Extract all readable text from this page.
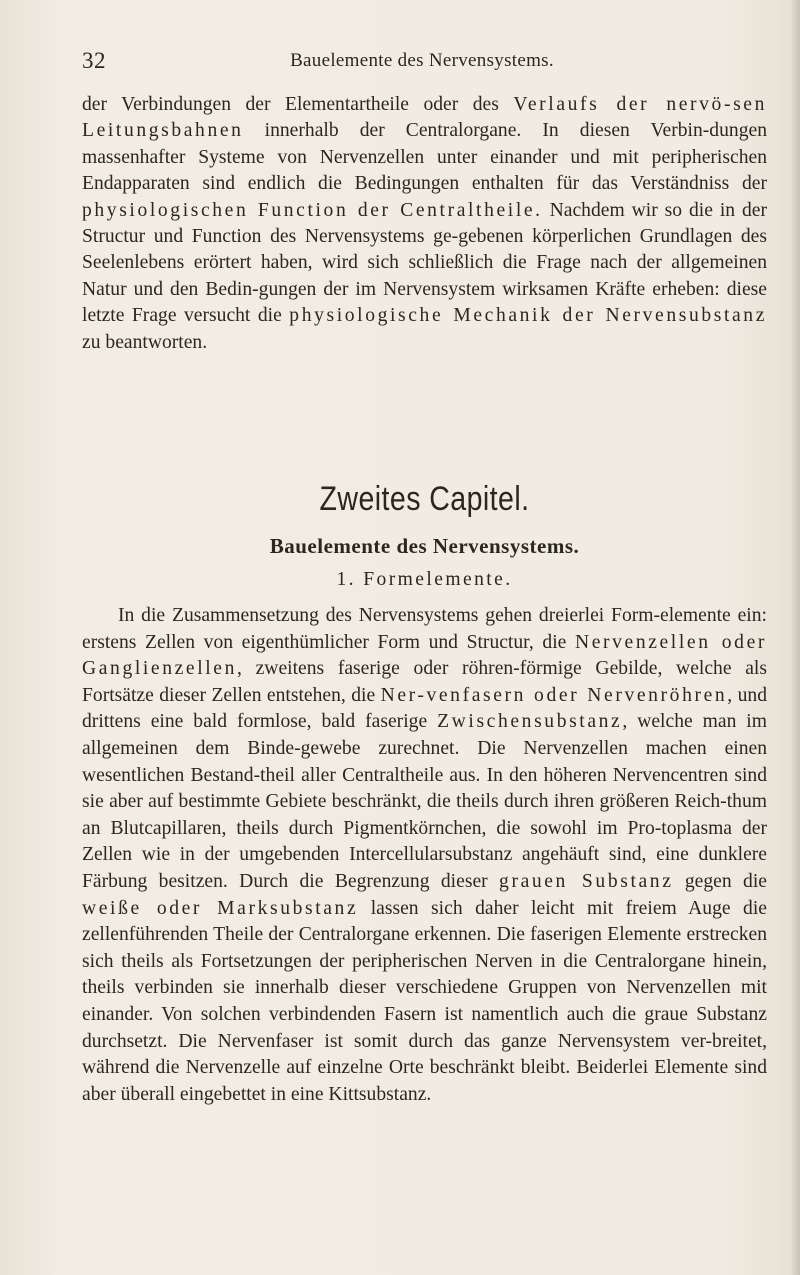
32	Bauelemente des Nervensystems.

der Verbindungen der Elementartheile oder des Verlaufs der nervö-sen Leitungsbahnen innerhalb der Centralorgane. In diesen Verbin-dungen massenhafter Systeme von Nervenzellen unter einander und mit peripherischen Endapparaten sind endlich die Bedingungen enthalten für das Verständniss der physiologischen Function der Centraltheile. Nachdem wir so die in der Structur und Function des Nervensystems ge-gebenen körperlichen Grundlagen des Seelenlebens erörtert haben, wird sich schließlich die Frage nach der allgemeinen Natur und den Bedin-gungen der im Nervensystem wirksamen Kräfte erheben: diese letzte Frage versucht die physiologische Mechanik der Nervensubstanz zu beantworten.

Zweites Capitel.
Bauelemente des Nervensystems.
1. Formelemente.

In die Zusammensetzung des Nervensystems gehen dreierlei Form-elemente ein: erstens Zellen von eigenthümlicher Form und Structur, die Nervenzellen oder Ganglienzellen, zweitens faserige oder röhren-förmige Gebilde, welche als Fortsätze dieser Zellen entstehen, die Ner-venfasern oder Nervenröhren, und drittens eine bald formlose, bald faserige Zwischensubstanz, welche man im allgemeinen dem Binde-gewebe zurechnet. Die Nervenzellen machen einen wesentlichen Bestand-theil aller Centraltheile aus. In den höheren Nervencentren sind sie aber auf bestimmte Gebiete beschränkt, die theils durch ihren größeren Reich-thum an Blutcapillaren, theils durch Pigmentkörnchen, die sowohl im Pro-toplasma der Zellen wie in der umgebenden Intercellularsubstanz angehäuft sind, eine dunklere Färbung besitzen. Durch die Begrenzung dieser grauen Substanz gegen die weiße oder Marksubstanz lassen sich daher leicht mit freiem Auge die zellenführenden Theile der Centralorgane erkennen. Die faserigen Elemente erstrecken sich theils als Fortsetzungen der peripherischen Nerven in die Centralorgane hinein, theils verbinden sie innerhalb dieser verschiedene Gruppen von Nervenzellen mit einander. Von solchen verbindenden Fasern ist namentlich auch die graue Substanz durchsetzt. Die Nervenfaser ist somit durch das ganze Nervensystem ver-breitet, während die Nervenzelle auf einzelne Orte beschränkt bleibt. Beiderlei Elemente sind aber überall eingebettet in eine Kittsubstanz.
